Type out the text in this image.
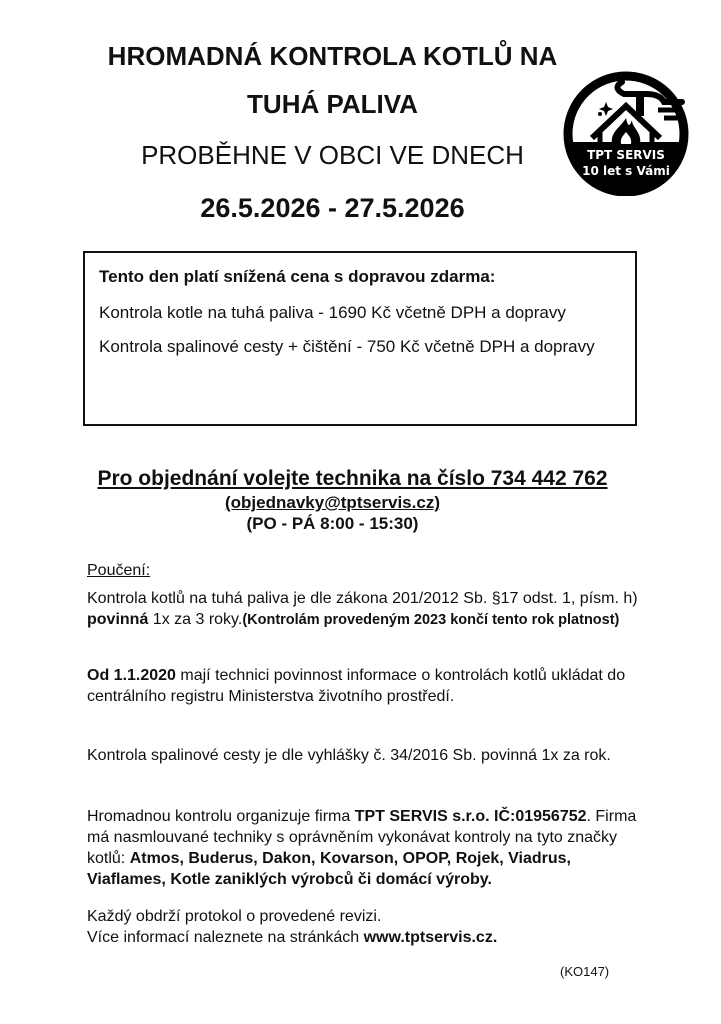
HROMADNÁ KONTROLA KOTLŮ NA
TUHÁ PALIVA
PROBĚHNE V OBCI VE DNECH
26.5.2026 - 27.5.2026
TPT SERVIS
10 let s Vámi
Tento den platí snížená cena s dopravou zdarma:
Kontrola kotle na tuhá paliva - 1690 Kč včetně DPH a dopravy
Kontrola spalinové cesty + čištění - 750 Kč včetně DPH a dopravy
Pro objednání volejte technika na číslo 734 442 762
(objednavky@tptservis.cz)
(PO - PÁ 8:00 - 15:30)
Poučení:
Kontrola kotlů na tuhá paliva je dle zákona 201/2012 Sb. §17 odst. 1, písm. h) povinná 1x za 3 roky.(Kontrolám provedeným 2023 končí tento rok platnost)
Od 1.1.2020 mají technici povinnost informace o kontrolách kotlů ukládat do centrálního registru Ministerstva životního prostředí.
Kontrola spalinové cesty je dle vyhlášky č. 34/2016 Sb. povinná 1x za rok.
Hromadnou kontrolu organizuje firma TPT SERVIS s.r.o. IČ:01956752. Firma má nasmlouvané techniky s oprávněním vykonávat kontroly na tyto značky kotlů: Atmos, Buderus, Dakon, Kovarson, OPOP, Rojek, Viadrus, Viaflames, Kotle zaniklých výrobců či domácí výroby.
Každý obdrží protokol o provedené revizi.
Více informací naleznete na stránkách www.tptservis.cz.
(KO147)
